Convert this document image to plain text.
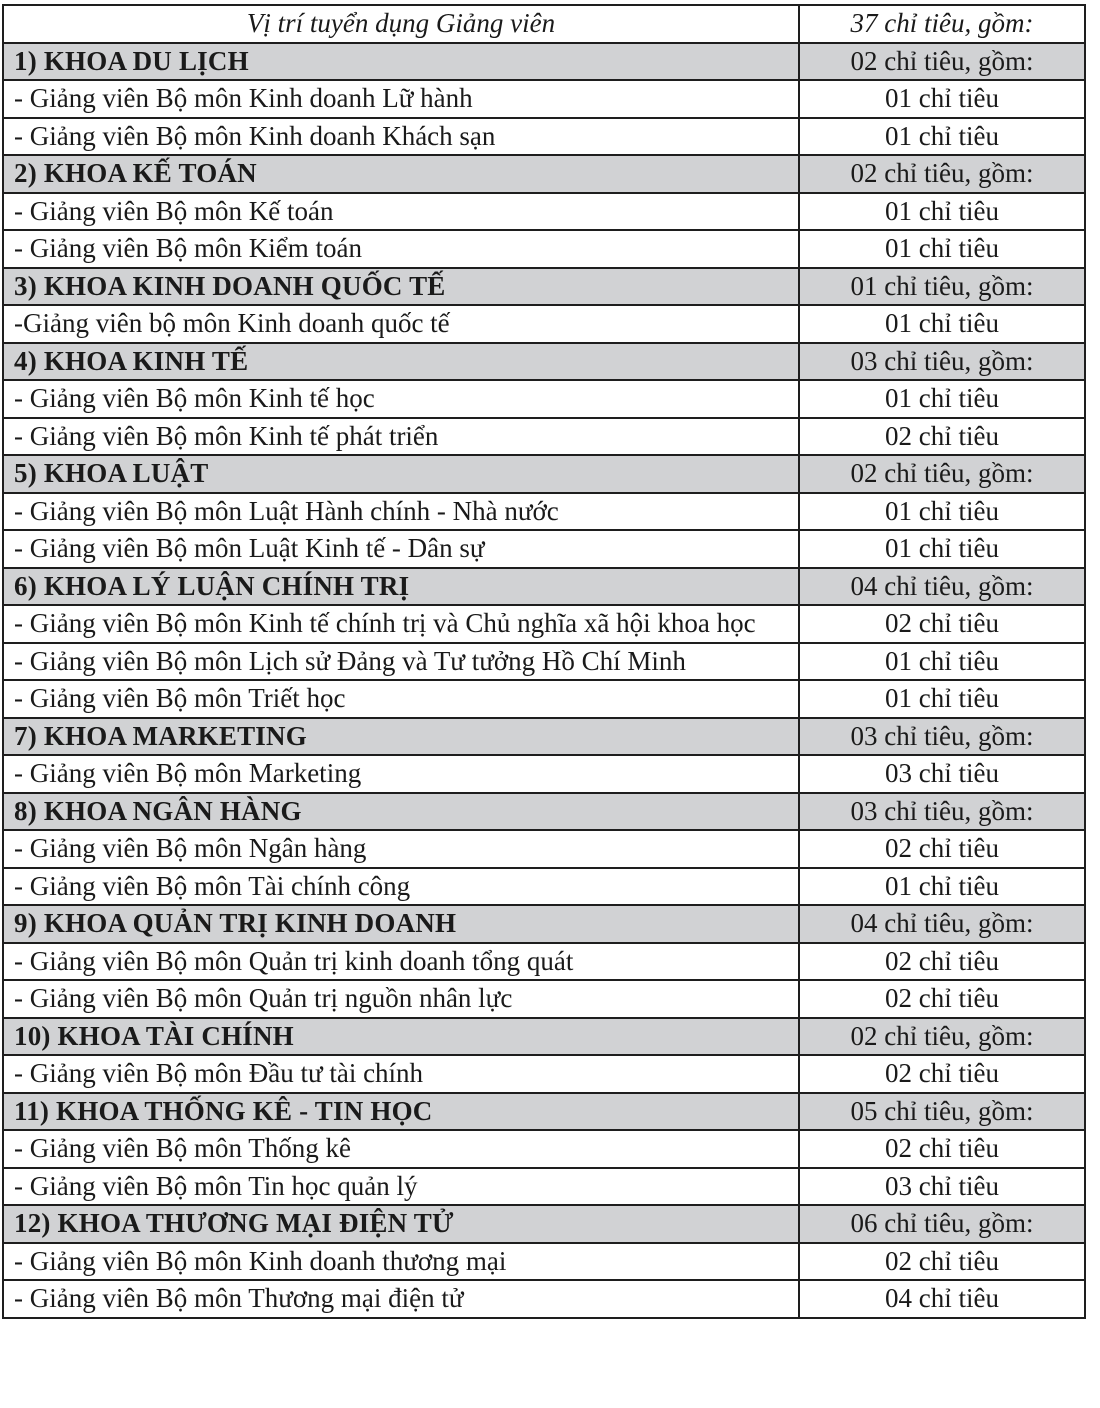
Vị trí tuyển dụng Giảng viên	37 chỉ tiêu, gồm:
1) KHOA DU LỊCH	02 chỉ tiêu, gồm:
- Giảng viên Bộ môn Kinh doanh Lữ hành	01 chỉ tiêu
- Giảng viên Bộ môn Kinh doanh Khách sạn	01 chỉ tiêu
2) KHOA KẾ TOÁN	02 chỉ tiêu, gồm:
- Giảng viên Bộ môn Kế toán	01 chỉ tiêu
- Giảng viên Bộ môn Kiểm toán	01 chỉ tiêu
3) KHOA KINH DOANH QUỐC TẾ	01 chỉ tiêu, gồm:
-Giảng viên bộ môn Kinh doanh quốc tế	01 chỉ tiêu
4) KHOA KINH TẾ	03 chỉ tiêu, gồm:
- Giảng viên Bộ môn Kinh tế học	01 chỉ tiêu
- Giảng viên Bộ môn Kinh tế phát triển	02 chỉ tiêu
5) KHOA LUẬT	02 chỉ tiêu, gồm:
- Giảng viên Bộ môn Luật Hành chính - Nhà nước	01 chỉ tiêu
- Giảng viên Bộ môn Luật Kinh tế - Dân sự	01 chỉ tiêu
6) KHOA LÝ LUẬN CHÍNH TRỊ	04 chỉ tiêu, gồm:
- Giảng viên Bộ môn Kinh tế chính trị và Chủ nghĩa xã hội khoa học	02 chỉ tiêu
- Giảng viên Bộ môn Lịch sử Đảng và Tư tưởng Hồ Chí Minh	01 chỉ tiêu
- Giảng viên Bộ môn Triết học	01 chỉ tiêu
7) KHOA MARKETING	03 chỉ tiêu, gồm:
- Giảng viên Bộ môn Marketing	03 chỉ tiêu
8) KHOA NGÂN HÀNG	03 chỉ tiêu, gồm:
- Giảng viên Bộ môn Ngân hàng	02 chỉ tiêu
- Giảng viên Bộ môn Tài chính công	01 chỉ tiêu
9) KHOA QUẢN TRỊ KINH DOANH	04 chỉ tiêu, gồm:
- Giảng viên Bộ môn Quản trị kinh doanh tổng quát	02 chỉ tiêu
- Giảng viên Bộ môn Quản trị nguồn nhân lực	02 chỉ tiêu
10) KHOA TÀI CHÍNH	02 chỉ tiêu, gồm:
- Giảng viên Bộ môn Đầu tư tài chính	02 chỉ tiêu
11) KHOA THỐNG KÊ - TIN HỌC	05 chỉ tiêu, gồm:
- Giảng viên Bộ môn Thống kê	02 chỉ tiêu
- Giảng viên Bộ môn Tin học quản lý	03 chỉ tiêu
12) KHOA THƯƠNG MẠI ĐIỆN TỬ	06 chỉ tiêu, gồm:
- Giảng viên Bộ môn Kinh doanh thương mại	02 chỉ tiêu
- Giảng viên Bộ môn Thương mại điện tử	04 chỉ tiêu
